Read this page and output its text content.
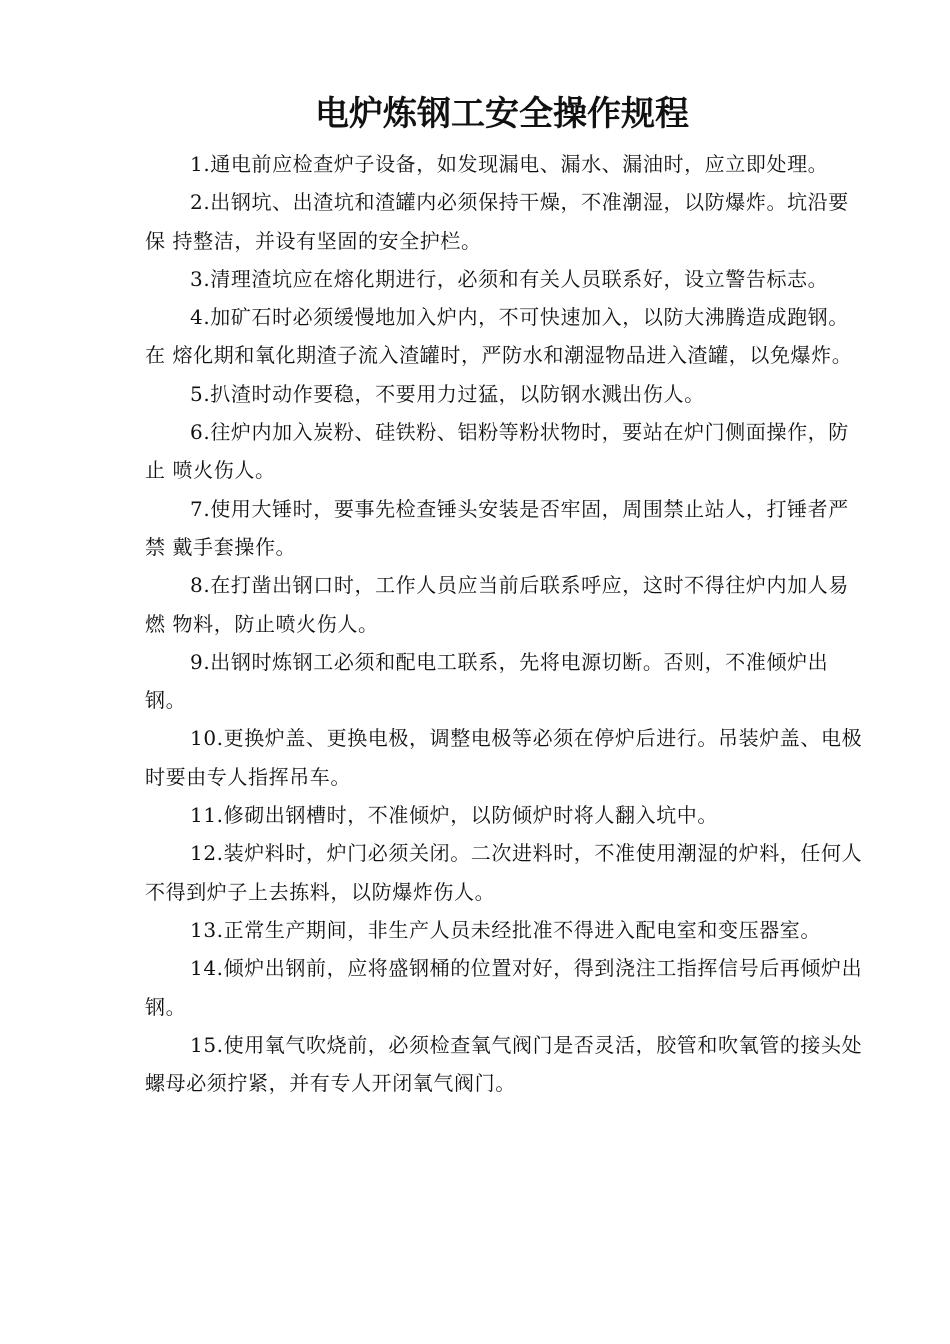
电炉炼钢工安全操作规程

1.通电前应检查炉子设备，如发现漏电、漏水、漏油时，应立即处理。

2.出钢坑、出渣坑和渣罐内必须保持干燥，不准潮湿，以防爆炸。坑沿要保 持整洁，并设有坚固的安全护栏。

3.清理渣坑应在熔化期进行，必须和有关人员联系好，设立警告标志。

4.加矿石时必须缓慢地加入炉内，不可快速加入，以防大沸腾造成跑钢。在 熔化期和氧化期渣子流入渣罐时，严防水和潮湿物品进入渣罐，以免爆炸。

5.扒渣时动作要稳，不要用力过猛，以防钢水溅出伤人。

6.往炉内加入炭粉、硅铁粉、铝粉等粉状物时，要站在炉门侧面操作，防止 喷火伤人。

7.使用大锤时，要事先检查锤头安装是否牢固，周围禁止站人，打锤者严禁 戴手套操作。

8.在打凿出钢口时，工作人员应当前后联系呼应，这时不得往炉内加人易燃 物料，防止喷火伤人。

9.出钢时炼钢工必须和配电工联系，先将电源切断。否则，不准倾炉出钢。

10.更换炉盖、更换电极，调整电极等必须在停炉后进行。吊装炉盖、电极 时要由专人指挥吊车。

11.修砌出钢槽时，不准倾炉，以防倾炉时将人翻入坑中。

12.装炉料时，炉门必须关闭。二次进料时，不准使用潮湿的炉料，任何人 不得到炉子上去拣料，以防爆炸伤人。

13.正常生产期间，非生产人员未经批准不得进入配电室和变压器室。

14.倾炉出钢前，应将盛钢桶的位置对好，得到浇注工指挥信号后再倾炉出钢。

15.使用氧气吹烧前，必须检查氧气阀门是否灵活，胶管和吹氧管的接头处螺母必须拧紧，并有专人开闭氧气阀门。
